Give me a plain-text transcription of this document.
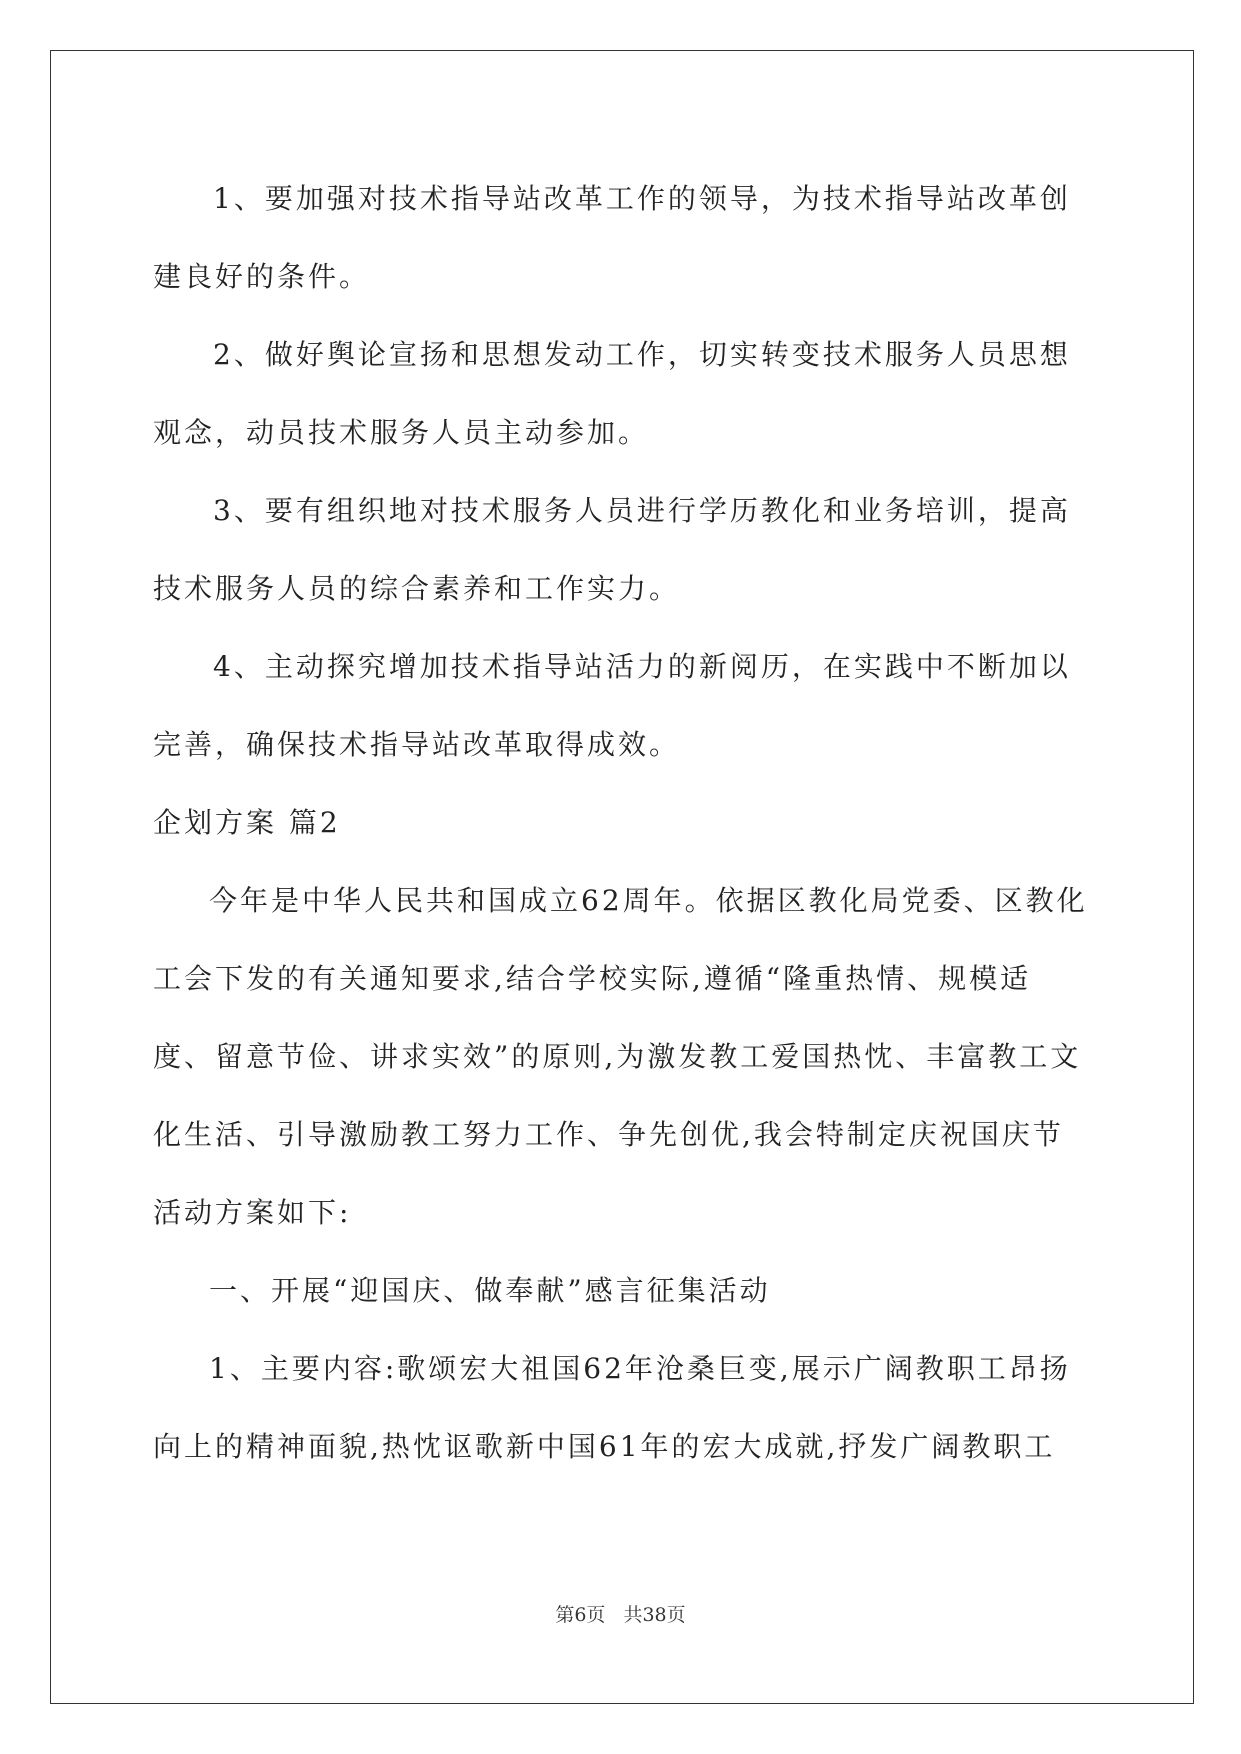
1、要加强对技术指导站改革工作的领导，为技术指导站改革创建良好的条件。

2、做好舆论宣扬和思想发动工作，切实转变技术服务人员思想观念，动员技术服务人员主动参加。

3、要有组织地对技术服务人员进行学历教化和业务培训，提高技术服务人员的综合素养和工作实力。

4、主动探究增加技术指导站活力的新阅历，在实践中不断加以完善，确保技术指导站改革取得成效。

企划方案 篇2

今年是中华人民共和国成立62周年。依据区教化局党委、区教化工会下发的有关通知要求,结合学校实际,遵循“隆重热情、规模适度、留意节俭、讲求实效”的原则,为激发教工爱国热忱、丰富教工文化生活、引导激励教工努力工作、争先创优,我会特制定庆祝国庆节活动方案如下:

一、开展“迎国庆、做奉献”感言征集活动

1、主要内容:歌颂宏大祖国62年沧桑巨变,展示广阔教职工昂扬向上的精神面貌,热忱讴歌新中国61年的宏大成就,抒发广阔教职工

第6页 共38页
